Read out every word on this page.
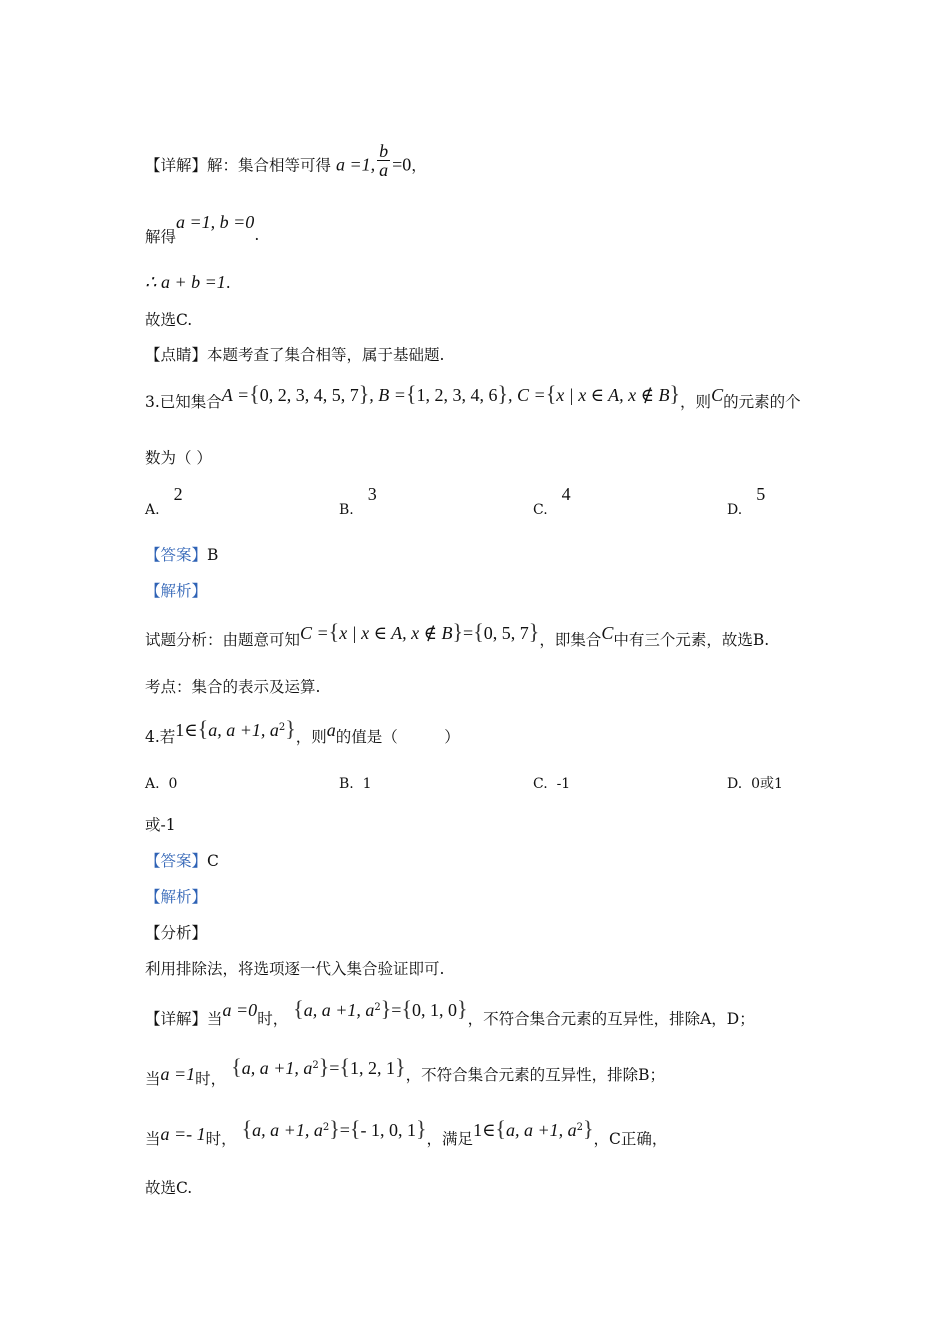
【详解】解：集合相等可得 a =1, $\frac{b}{a} =0$，
解得a =1, b =0.
∴ a + b =1.
故选C.
【点睛】本题考查了集合相等，属于基础题.
3.已知集合A ={0, 2, 3, 4, 5, 7}, B ={1, 2, 3, 4, 6}, C ={x | x ∈ A, x ∉ B}，则C的元素的个
数为（ ）
A.2
B.3
C.4
D.5
【答案】B
【解析】
试题分析：由题意可知C ={x | x ∈ A, x ∉ B}={0, 5, 7}，即集合C中有三个元素，故选B.
考点：集合的表示及运算.
4.若1∈{a, a +1, $a^2$}，则a的值是（　　　）
A. 0	B. 1	C. -1	D. 0或1
或-1
【答案】C
【解析】
【分析】
利用排除法，将选项逐一代入集合验证即可.
【详解】当a =0时， {a, a +1, $a^2\}=\{0$, 1, 0}，不符合集合元素的互异性，排除A，D；
当a =1时， {a, a +1, $a^2\}=\{1$, 2, 1}，不符合集合元素的互异性，排除B；
当a =- 1时， {a, a +1, $a^2\}=\{-$ 1, 0, 1}，满足1∈{a, a +1, $a^2$}，C正确，
故选C.
